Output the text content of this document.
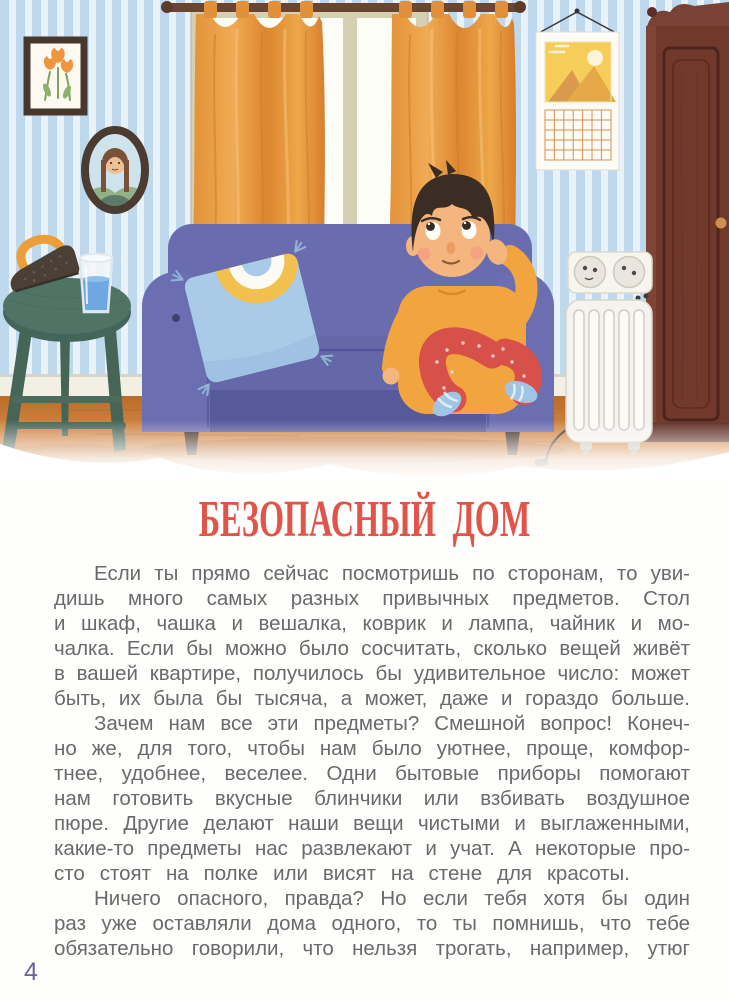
БЕЗОПАСНЫЙ ДОМ
Если ты прямо сейчас посмотришь по сторонам, то уви-
дишь много самых разных привычных предметов. Стол
и шкаф, чашка и вешалка, коврик и лампа, чайник и мо-
чалка. Если бы можно было сосчитать, сколько вещей живёт
в вашей квартире, получилось бы удивительное число: может
быть, их была бы тысяча, а может, даже и гораздо больше.
Зачем нам все эти предметы? Смешной вопрос! Конеч-
но же, для того, чтобы нам было уютнее, проще, комфор-
тнее, удобнее, веселее. Одни бытовые приборы помогают
нам готовить вкусные блинчики или взбивать воздушное
пюре. Другие делают наши вещи чистыми и выглаженными,
какие-то предметы нас развлекают и учат. А некоторые про-
сто стоят на полке или висят на стене для красоты.
Ничего опасного, правда? Но если тебя хотя бы один
раз уже оставляли дома одного, то ты помнишь, что тебе
обязательно говорили, что нельзя трогать, например, утюг
4
